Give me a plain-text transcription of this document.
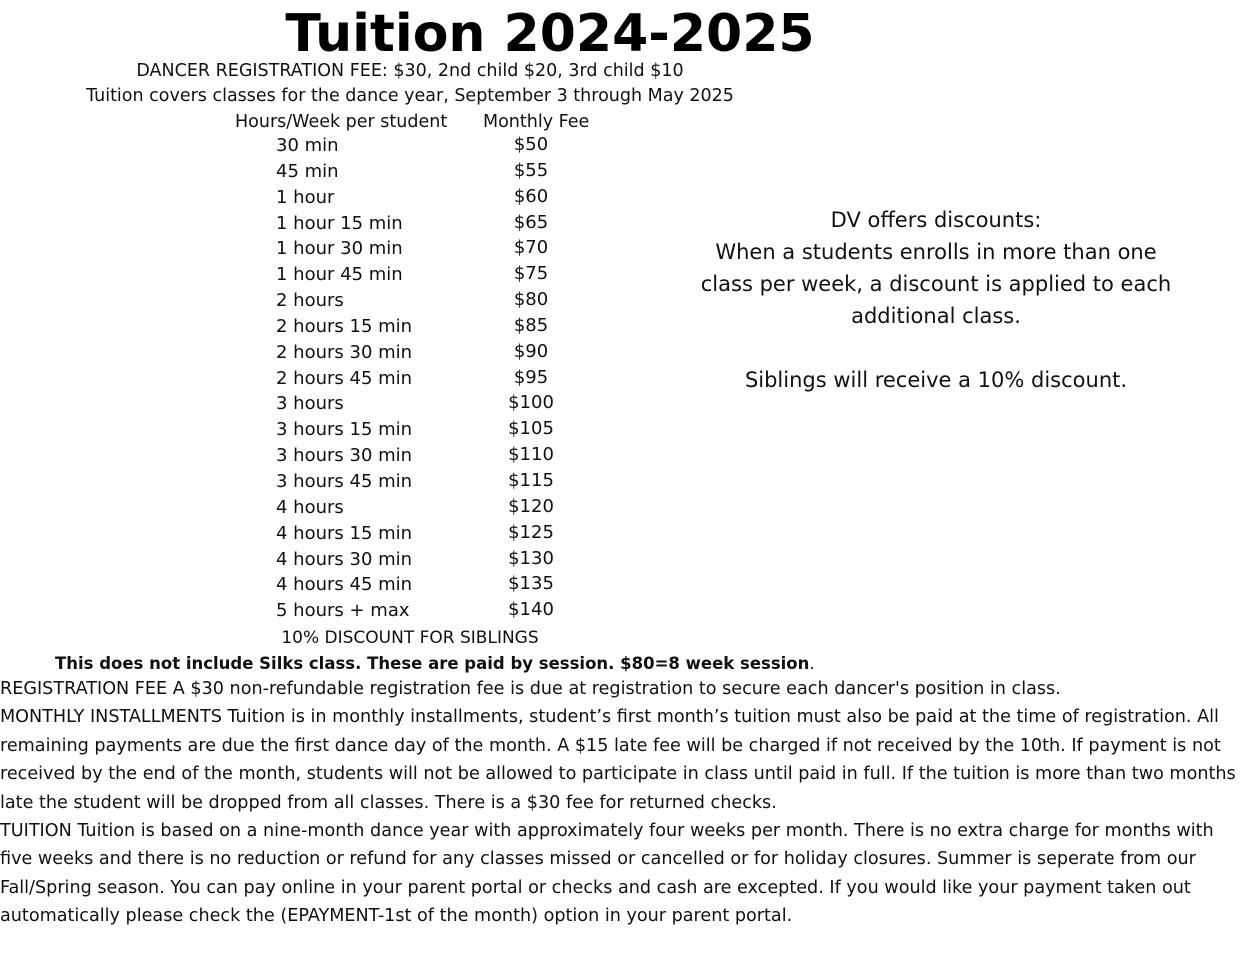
Tuition 2024-2025
DANCER REGISTRATION FEE: $30, 2nd child $20, 3rd child $10
Tuition covers classes for the dance year, September 3 through May 2025
Hours/Week per student Monthly Fee
30 min	$50
45 min	$55
1 hour	$60
1 hour 15 min	$65
1 hour 30 min	$70
1 hour 45 min	$75
2 hours	$80
2 hours 15 min	$85
2 hours 30 min	$90
2 hours 45 min	$95
3 hours	$100
3 hours 15 min	$105
3 hours 30 min	$110
3 hours 45 min	$115
4 hours	$120
4 hours 15 min	$125
4 hours 30 min	$130
4 hours 45 min	$135
5 hours + max	$140
10% DISCOUNT FOR SIBLINGS
This does not include Silks class. These are paid by session. $80=8 week session.

DV offers discounts:

When a students enrolls in more than one class per week, a discount is applied to each additional class.

Siblings will receive a 10% discount.

REGISTRATION FEE A $30 non-refundable registration fee is due at registration to secure each dancer's position in class.

MONTHLY INSTALLMENTS Tuition is in monthly installments, student’s first month’s tuition must also be paid at the time of registration. All remaining payments are due the first dance day of the month. A $15 late fee will be charged if not received by the 10th. If payment is not received by the end of the month, students will not be allowed to participate in class until paid in full. If the tuition is more than two months late the student will be dropped from all classes. There is a $30 fee for returned checks.

TUITION Tuition is based on a nine-month dance year with approximately four weeks per month. There is no extra charge for months with five weeks and there is no reduction or refund for any classes missed or cancelled or for holiday closures. Summer is seperate from our Fall/Spring season. You can pay online in your parent portal or checks and cash are excepted. If you would like your payment taken out automatically please check the (EPAYMENT-1st of the month) option in your parent portal.
